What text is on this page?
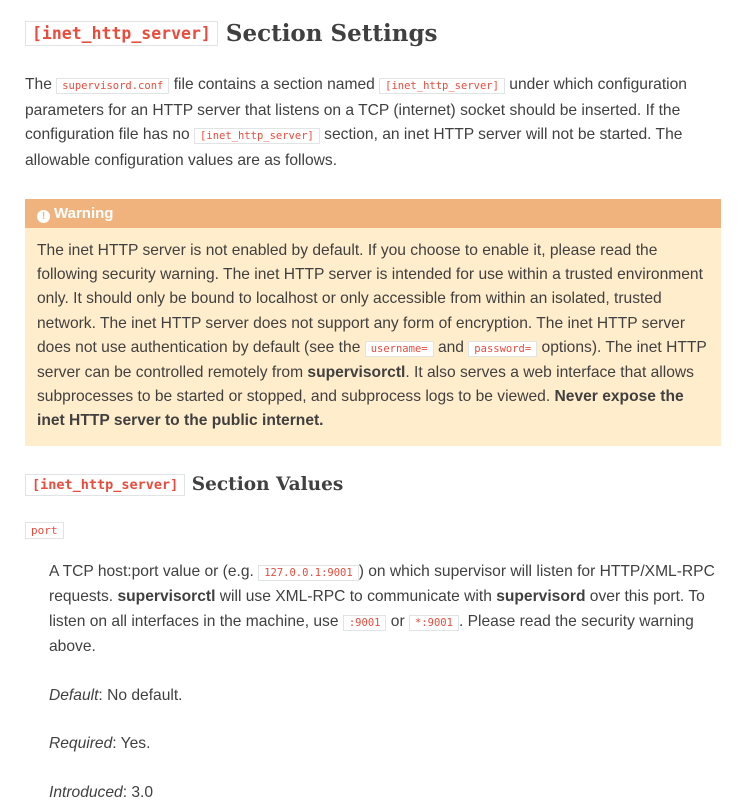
[inet_http_server] Section Settings

The supervisord.conf file contains a section named [inet_http_server] under which configuration parameters for an HTTP server that listens on a TCP (internet) socket should be inserted. If the configuration file has no [inet_http_server] section, an inet HTTP server will not be started. The allowable configuration values are as follows.

! Warning

The inet HTTP server is not enabled by default. If you choose to enable it, please read the following security warning. The inet HTTP server is intended for use within a trusted environment only. It should only be bound to localhost or only accessible from within an isolated, trusted network. The inet HTTP server does not support any form of encryption. The inet HTTP server does not use authentication by default (see the username= and password= options). The inet HTTP server can be controlled remotely from supervisorctl. It also serves a web interface that allows subprocesses to be started or stopped, and subprocess logs to be viewed. Never expose the inet HTTP server to the public internet.

[inet_http_server] Section Values
port

A TCP host:port value or (e.g. 127.0.0.1:9001 ) on which supervisor will listen for HTTP/XML-RPC requests. supervisorctl will use XML-RPC to communicate with supervisord over this port. To listen on all interfaces in the machine, use :9001 or *:9001 . Please read the security warning above.

Default: No default.

Required: Yes.

Introduced: 3.0
